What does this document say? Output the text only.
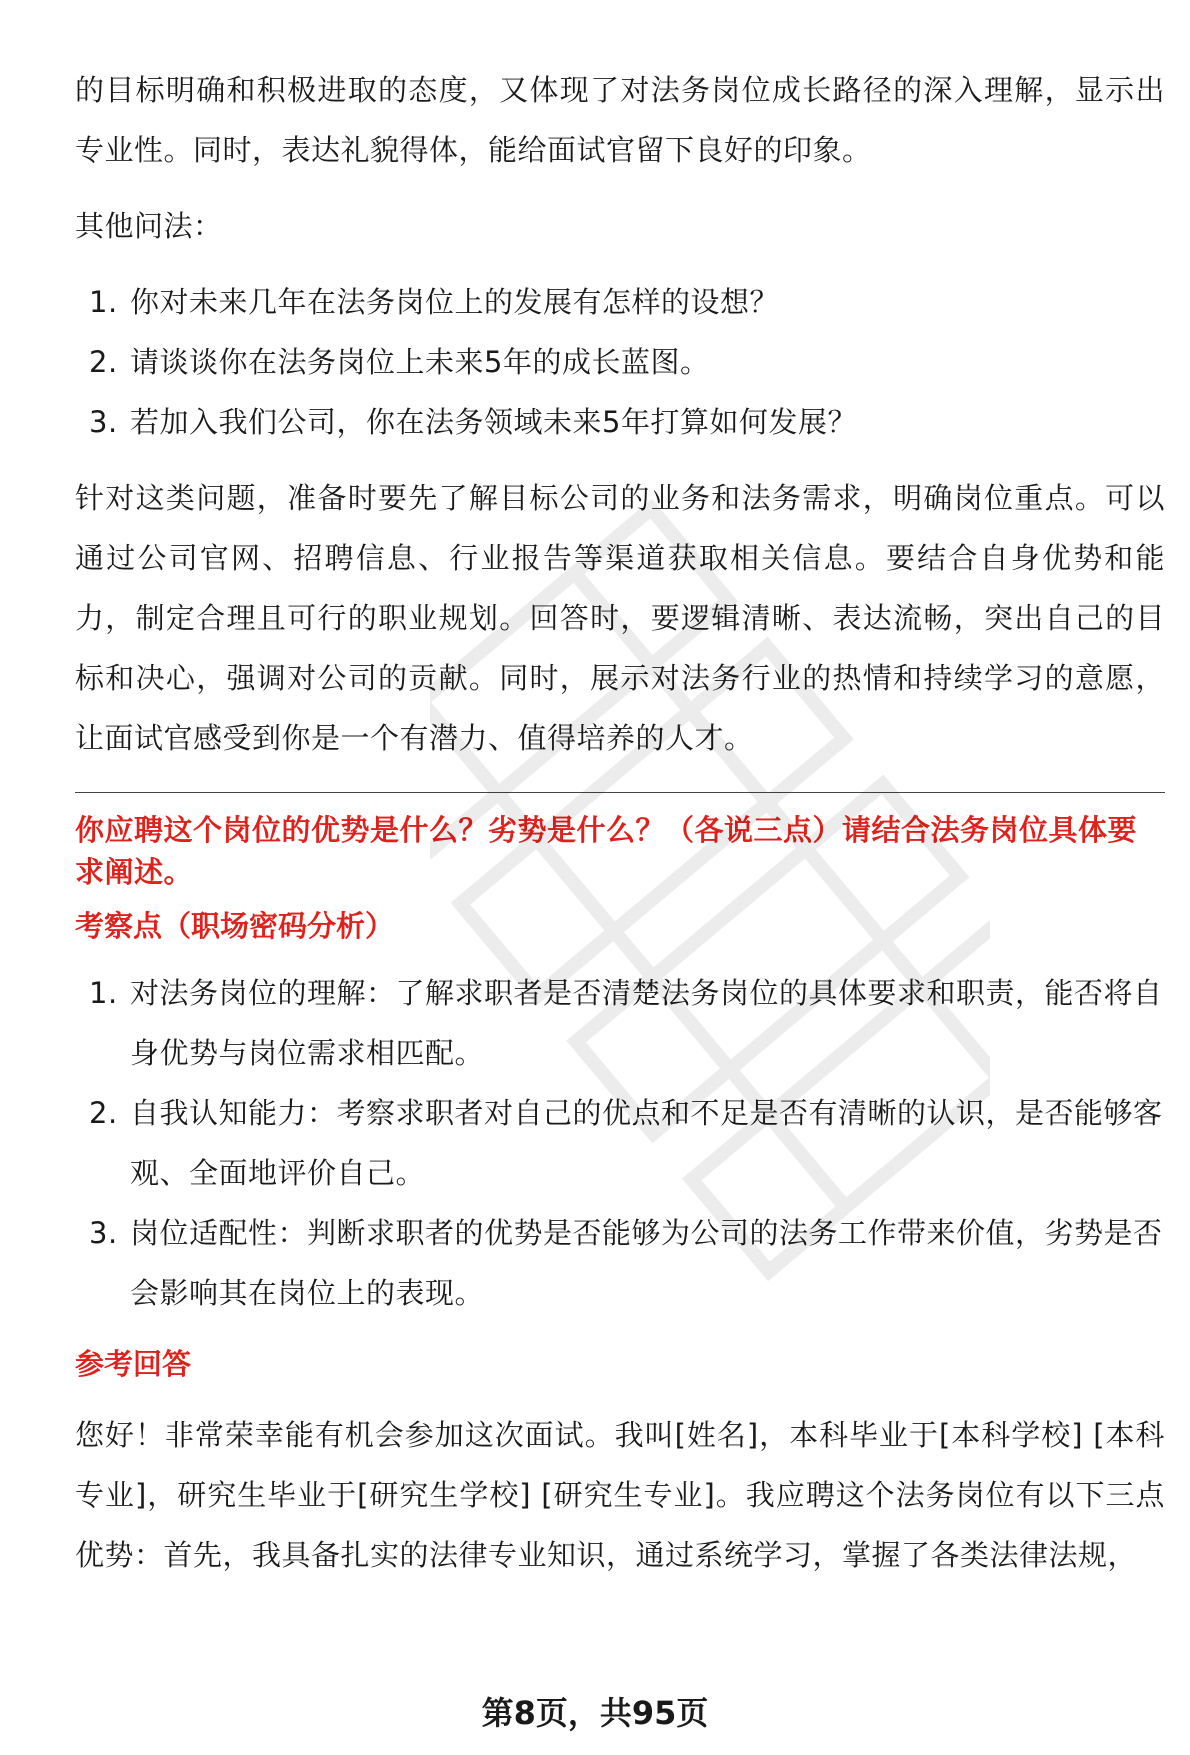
的目标明确和积极进取的态度，又体现了对法务岗位成长路径的深入理解，显示出专业性。同时，表达礼貌得体，能给面试官留下良好的印象。

其他问法：

1. 你对未来几年在法务岗位上的发展有怎样的设想？
2. 请谈谈你在法务岗位上未来5年的成长蓝图。
3. 若加入我们公司，你在法务领域未来5年打算如何发展？

针对这类问题，准备时要先了解目标公司的业务和法务需求，明确岗位重点。可以通过公司官网、招聘信息、行业报告等渠道获取相关信息。要结合自身优势和能力，制定合理且可行的职业规划。回答时，要逻辑清晰、表达流畅，突出自己的目标和决心，强调对公司的贡献。同时，展示对法务行业的热情和持续学习的意愿，让面试官感受到你是一个有潜力、值得培养的人才。

你应聘这个岗位的优势是什么？劣势是什么？（各说三点）请结合法务岗位具体要求阐述。

考察点（职场密码分析）

1. 对法务岗位的理解：了解求职者是否清楚法务岗位的具体要求和职责，能否将自身优势与岗位需求相匹配。
2. 自我认知能力：考察求职者对自己的优点和不足是否有清晰的认识，是否能够客观、全面地评价自己。
3. 岗位适配性：判断求职者的优势是否能够为公司的法务工作带来价值，劣势是否会影响其在岗位上的表现。

参考回答

您好！非常荣幸能有机会参加这次面试。我叫[姓名]，本科毕业于[本科学校] [本科专业]，研究生毕业于[研究生学校] [研究生专业]。我应聘这个法务岗位有以下三点优势：首先，我具备扎实的法律专业知识，通过系统学习，掌握了各类法律法规，

第8页，共95页
